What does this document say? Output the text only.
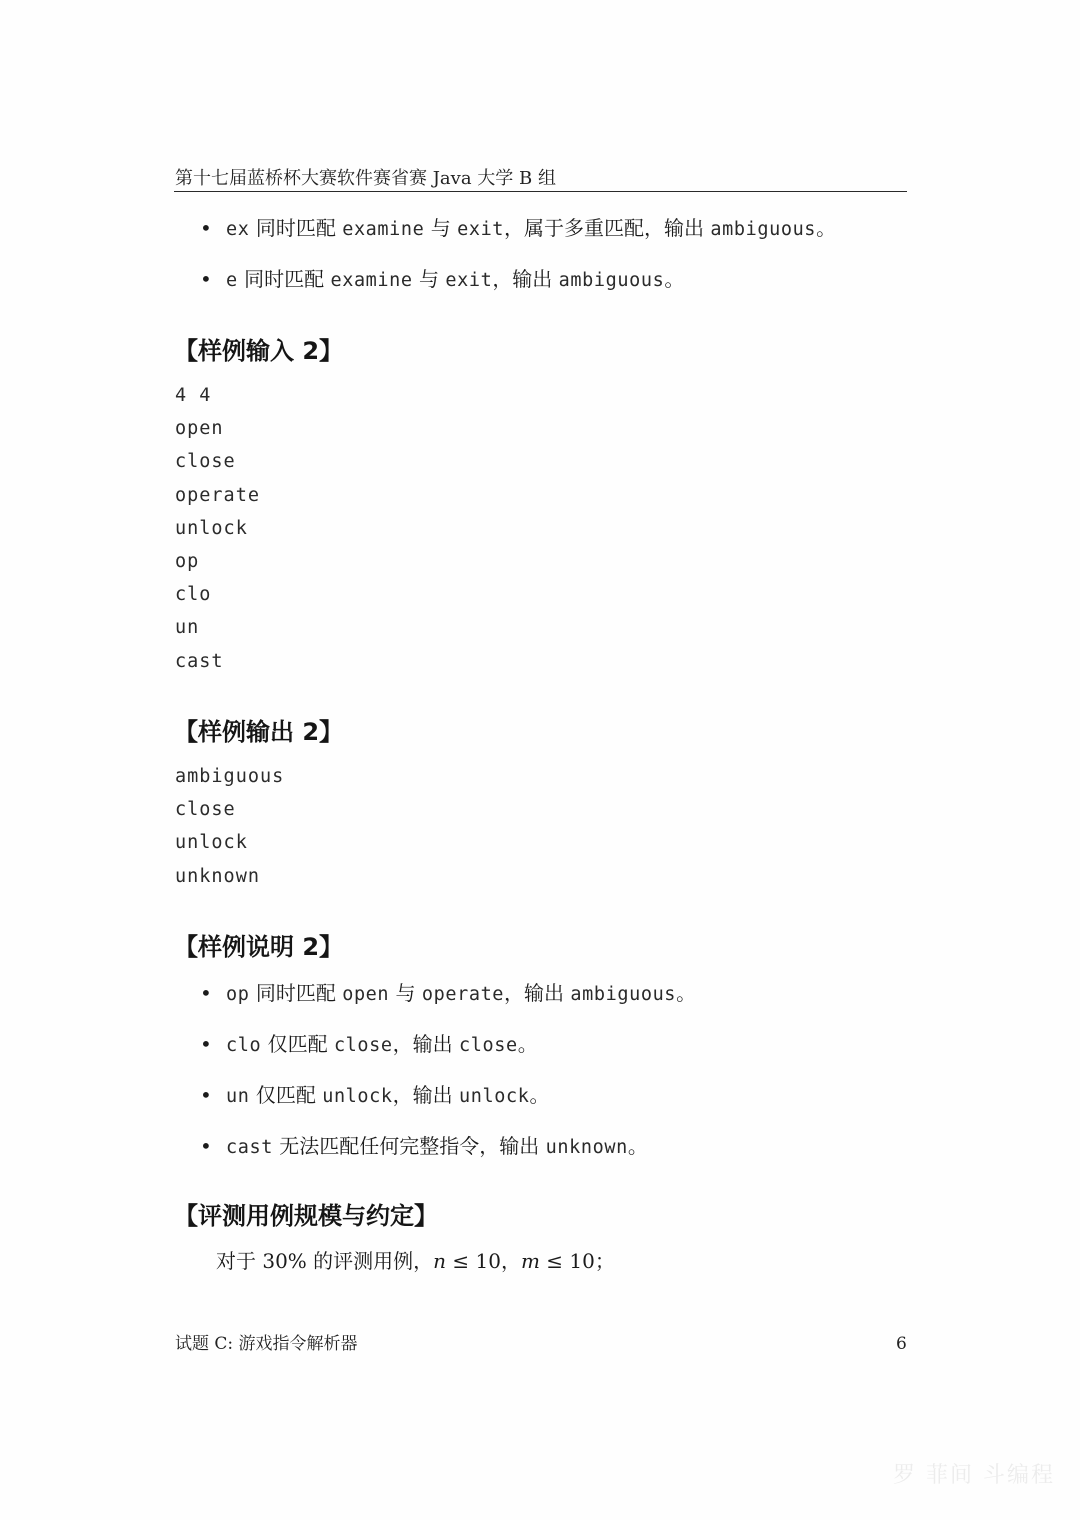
第十七届蓝桥杯大赛软件赛省赛 Java 大学 B 组
• ex 同时匹配 examine 与 exit，属于多重匹配，输出 ambiguous。
• e 同时匹配 examine 与 exit，输出 ambiguous。
【样例输入 2】
4 4
open
close
operate
unlock
op
clo
un
cast
【样例输出 2】
ambiguous
close
unlock
unknown
【样例说明 2】
• op 同时匹配 open 与 operate，输出 ambiguous。
• clo 仅匹配 close，输出 close。
• un 仅匹配 unlock，输出 unlock。
• cast 无法匹配任何完整指令，输出 unknown。
【评测用例规模与约定】
对于 30% 的评测用例，n ≤ 10，m ≤ 10；
试题 C: 游戏指令解析器	6
罗 菲间 斗编程
